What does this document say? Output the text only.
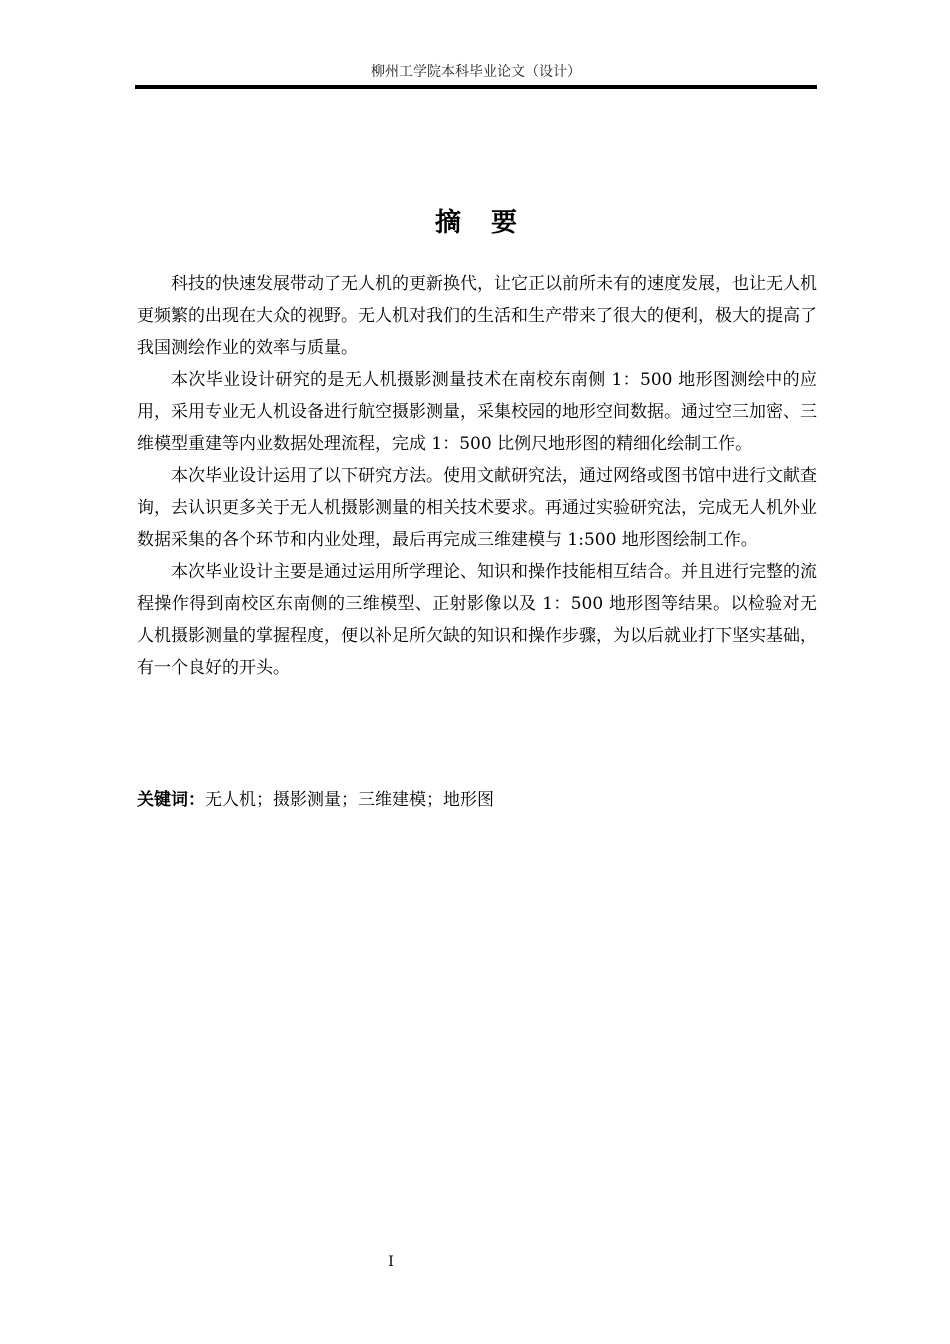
柳州工学院本科毕业论文（设计）
摘要

科技的快速发展带动了无人机的更新换代，让它正以前所未有的速度发展，也让无人机更频繁的出现在大众的视野。无人机对我们的生活和生产带来了很大的便利，极大的提高了我国测绘作业的效率与质量。

本次毕业设计研究的是无人机摄影测量技术在南校东南侧 1：500 地形图测绘中的应用，采用专业无人机设备进行航空摄影测量，采集校园的地形空间数据。通过空三加密、三维模型重建等内业数据处理流程，完成 1：500 比例尺地形图的精细化绘制工作。

本次毕业设计运用了以下研究方法。使用文献研究法，通过网络或图书馆中进行文献查询，去认识更多关于无人机摄影测量的相关技术要求。再通过实验研究法，完成无人机外业数据采集的各个环节和内业处理，最后再完成三维建模与 1:500 地形图绘制工作。

本次毕业设计主要是通过运用所学理论、知识和操作技能相互结合。并且进行完整的流程操作得到南校区东南侧的三维模型、正射影像以及 1：500 地形图等结果。以检验对无人机摄影测量的掌握程度，便以补足所欠缺的知识和操作步骤，为以后就业打下坚实基础，有一个良好的开头。

关键词：无人机；摄影测量；三维建模；地形图
I
